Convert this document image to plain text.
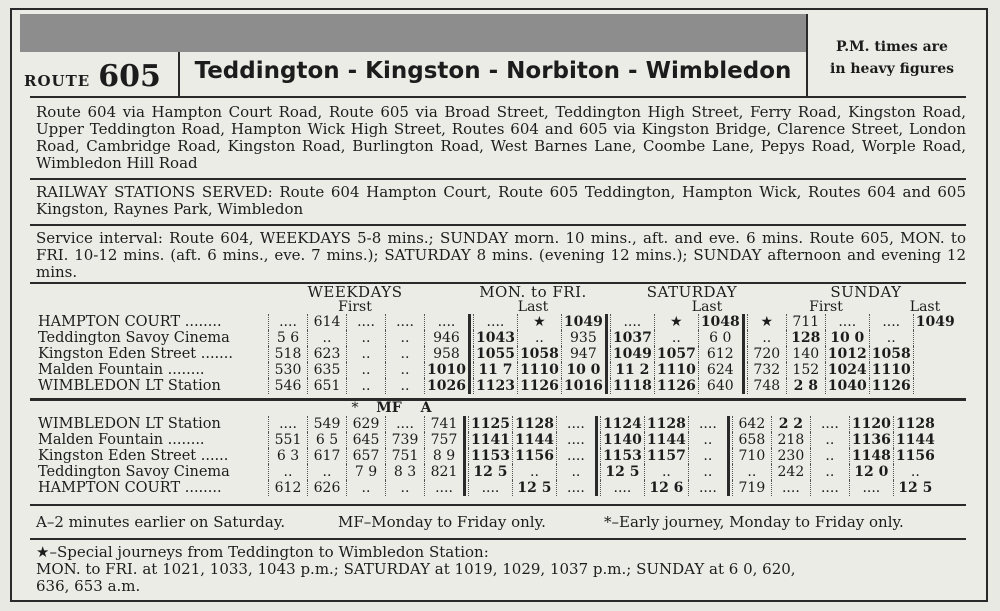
ROUTE 605	Teddington - Kingston - Norbiton - Wimbledon
P.M. times are
in heavy figures
Route 604 via Hampton Court Road, Route 605 via Broad Street, Teddington High Street, Ferry Road, Kingston Road, Upper Teddington Road, Hampton Wick High Street, Routes 604 and 605 via Kingston Bridge, Clarence Street, London Road, Cambridge Road, Kingston Road, Burlington Road, West Barnes Lane, Coombe Lane, Pepys Road, Worple Road, Wimbledon Hill Road
RAILWAY STATIONS SERVED: Route 604 Hampton Court, Route 605 Teddington, Hampton Wick, Routes 604 and 605 Kingston, Raynes Park, Wimbledon
Service interval: Route 604, WEEKDAYS 5-8 mins.; SUNDAY morn. 10 mins., aft. and eve. 6 mins. Route 605, MON. to FRI. 10-12 mins. (aft. 6 mins., eve. 7 mins.); SATURDAY 8 mins. (evening 12 mins.); SUNDAY afternoon and evening 12 mins.
WEEKDAYS
First
MON. to FRI.
Last
SATURDAY
Last
SUNDAY
First	Last
HAMPTON COURT ........	....	614	....	....	....		....	★	1049		....	★	1048		★	711	....	....	1049
Teddington Savoy Cinema	5 6	..	..	..	946		1043	..	935		1037	..	6 0		..	128	10 0	..	
Kingston Eden Street .......	518	623	..	..	958		1055	1058	947		1049	1057	612		720	140	1012	1058	
Malden Fountain ........	530	635	..	..	1010		11 7	1110	10 0		11 2	1110	624		732	152	1024	1110	
WIMBLEDON LT Station	546	651	..	..	1026		1123	1126	1016		1118	1126	640		748	2 8	1040	1126	
* MF	A
WIMBLEDON LT Station	....	549	629	....	741		1125	1128	....		1124	1128	....		642	2 2	....	1120	1128
Malden Fountain ........	551	6 5	645	739	757		1141	1144	....		1140	1144	..		658	218	..	1136	1144
Kingston Eden Street ......	6 3	617	657	751	8 9		1153	1156	....		1153	1157	..		710	230	..	1148	1156
Teddington Savoy Cinema	..	..	7 9	8 3	821		12 5	..	..		12 5	..	..		..	242	..	12 0	..
HAMPTON COURT ........	612	626	..	..	....		....	12 5	....		....	12 6	....		719	....	....	....	12 5
A–2 minutes earlier on Saturday.	MF–Monday to Friday only.	*–Early journey, Monday to Friday only.
★–Special journeys from Teddington to Wimbledon Station:
MON. to FRI. at 1021, 1033, 1043 p.m.; SATURDAY at 1019, 1029, 1037 p.m.; SUNDAY at 6 0, 620,
636, 653 a.m.
